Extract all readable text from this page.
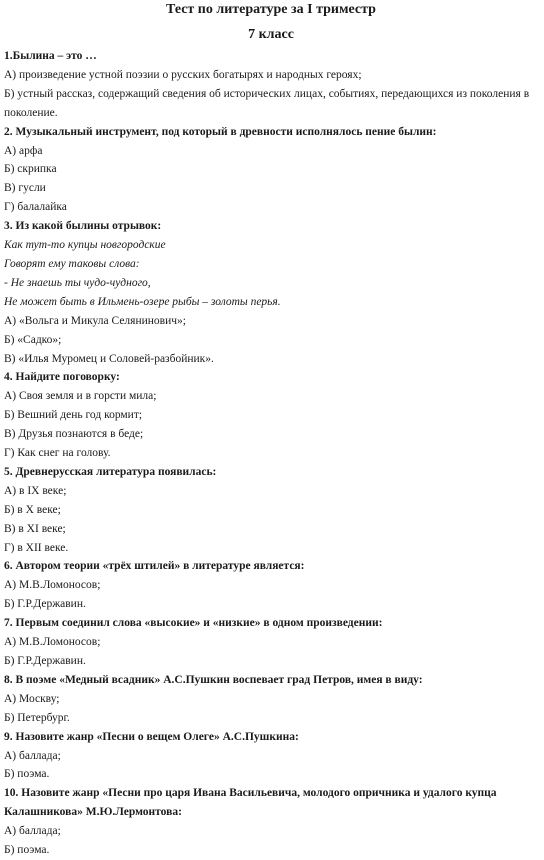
Тест по литературе за I триместр
7 класс
1.Былина – это …
А) произведение устной поэзии о русских богатырях и народных героях;
Б) устный рассказ, содержащий сведения об исторических лицах, событиях, передающихся из поколения в поколение.
2. Музыкальный инструмент, под который в древности исполнялось пение былин:
А) арфа
Б) скрипка
В) гусли
Г) балалайка
3. Из какой былины отрывок:
Как тут-то купцы новгородские
Говорят ему таковы слова:
- Не знаешь ты чудо-чудного,
Не может быть в Ильмень-озере рыбы – золоты перья.
А) «Вольга и Микула Селянинович»;
Б) «Садко»;
В) «Илья Муромец и Соловей-разбойник».
4. Найдите поговорку:
А) Своя земля и в горсти мила;
Б) Вешний день год кормит;
В) Друзья познаются в беде;
Г) Как снег на голову.
5. Древнерусская литература появилась:
А) в IX веке;
Б) в X веке;
В) в XI веке;
Г) в XII веке.
6. Автором теории «трёх штилей» в литературе является:
А) М.В.Ломоносов;
Б) Г.Р.Державин.
7. Первым соединил слова «высокие» и «низкие» в одном произведении:
А) М.В.Ломоносов;
Б) Г.Р.Державин.
8. В поэме «Медный всадник» А.С.Пушкин воспевает град Петров, имея в виду:
А) Москву;
Б) Петербург.
9. Назовите жанр «Песни о вещем Олеге» А.С.Пушкина:
А) баллада;
Б) поэма.
10. Назовите жанр «Песни про царя Ивана Васильевича, молодого опричника и удалого купца Калашникова» М.Ю.Лермонтова:
А) баллада;
Б) поэма.
